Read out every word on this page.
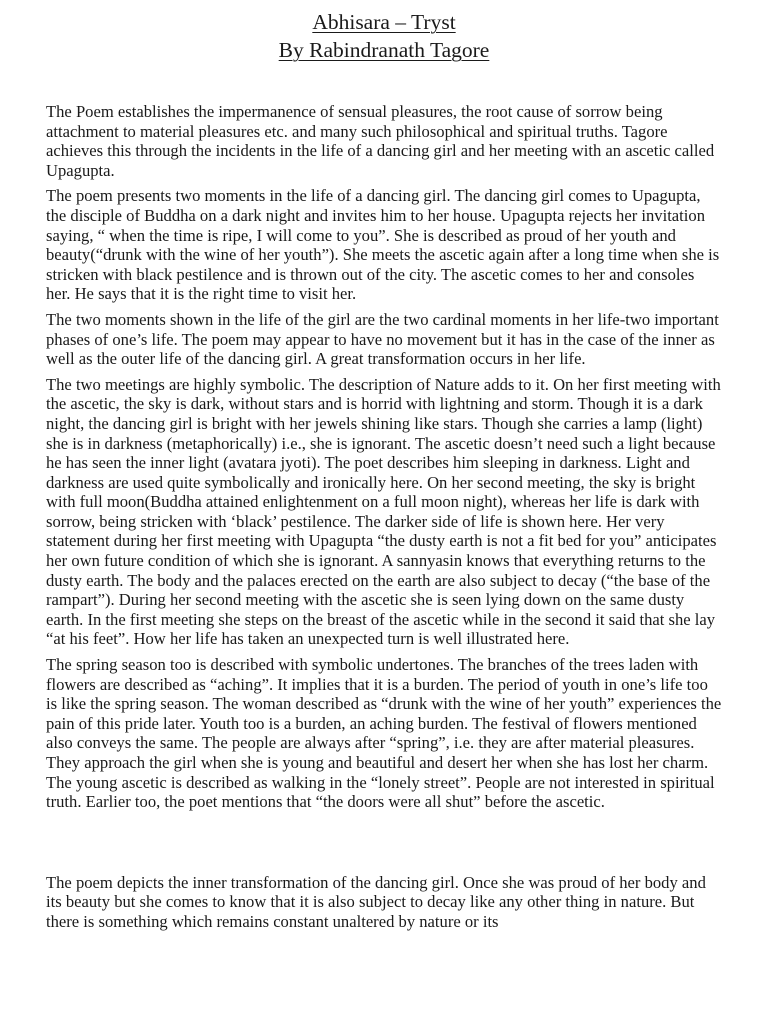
Abhisara – Tryst
By Rabindranath Tagore

The Poem establishes the impermanence of sensual pleasures, the root cause of sorrow being attachment to material pleasures etc. and many such philosophical and spiritual truths. Tagore achieves this through the incidents in the life of a dancing girl and her meeting with an ascetic called Upagupta.

The poem presents two moments in the life of a dancing girl. The dancing girl comes to Upagupta, the disciple of Buddha on a dark night and invites him to her house. Upagupta rejects her invitation saying, “ when the time is ripe, I will come to you”. She is described as proud of her youth and beauty(“drunk with the wine of her youth”). She meets the ascetic again after a long time when she is stricken with black pestilence and is thrown out of the city. The ascetic comes to her and consoles her. He says that it is the right time to visit her.

The two moments shown in the life of the girl are the two cardinal moments in her life-two important phases of one’s life. The poem may appear to have no movement but it has in the case of the inner as well as the outer life of the dancing girl. A great transformation occurs in her life.

The two meetings are highly symbolic. The description of Nature adds to it. On her first meeting with the ascetic, the sky is dark, without stars and is horrid with lightning and storm. Though it is a dark night, the dancing girl is bright with her jewels shining like stars. Though she carries a lamp (light) she is in darkness (metaphorically) i.e., she is ignorant. The ascetic doesn’t need such a light because he has seen the inner light (avatara jyoti). The poet describes him sleeping in darkness. Light and darkness are used quite symbolically and ironically here. On her second meeting, the sky is bright with full moon(Buddha attained enlightenment on a full moon night), whereas her life is dark with sorrow, being stricken with ‘black’ pestilence. The darker side of life is shown here. Her very statement during her first meeting with Upagupta “the dusty earth is not a fit bed for you” anticipates her own future condition of which she is ignorant. A sannyasin knows that everything returns to the dusty earth. The body and the palaces erected on the earth are also subject to decay (“the base of the rampart”). During her second meeting with the ascetic she is seen lying down on the same dusty earth. In the first meeting she steps on the breast of the ascetic while in the second it said that she lay “at his feet”. How her life has taken an unexpected turn is well illustrated here.

The spring season too is described with symbolic undertones. The branches of the trees laden with flowers are described as “aching”. It implies that it is a burden. The period of youth in one’s life too is like the spring season. The woman described as “drunk with the wine of her youth” experiences the pain of this pride later. Youth too is a burden, an aching burden. The festival of flowers mentioned also conveys the same. The people are always after “spring”, i.e. they are after material pleasures. They approach the girl when she is young and beautiful and desert her when she has lost her charm. The young ascetic is described as walking in the “lonely street”. People are not interested in spiritual truth. Earlier too, the poet mentions that “the doors were all shut” before the ascetic.

The poem depicts the inner transformation of the dancing girl. Once she was proud of her body and its beauty but she comes to know that it is also subject to decay like any other thing in nature. But there is something which remains constant unaltered by nature or its
